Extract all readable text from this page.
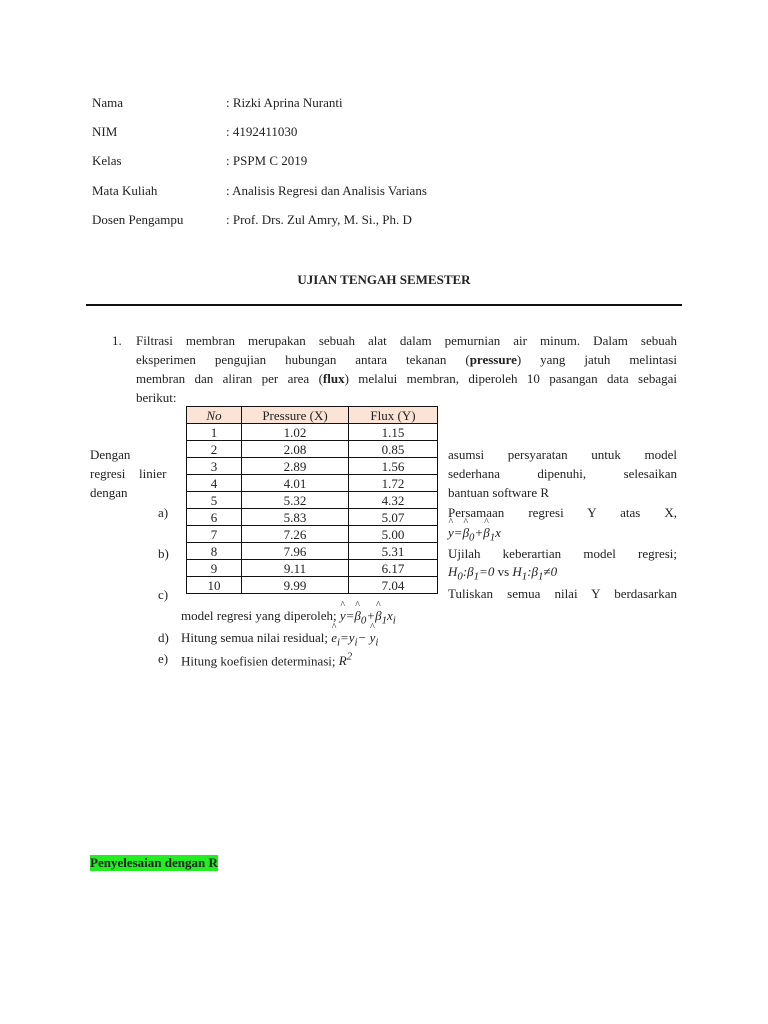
Nama	: Rizki Aprina Nuranti
NIM	: 4192411030
Kelas	: PSPM C 2019
Mata Kuliah	: Analisis Regresi dan Analisis Varians
Dosen Pengampu	: Prof. Drs. Zul Amry, M. Si., Ph. D
UJIAN TENGAH SEMESTER
1. Filtrasi membran merupakan sebuah alat dalam pemurnian air minum. Dalam sebuah
eksperimen pengujian hubungan antara tekanan (pressure) yang jatuh melintasi
membran dan aliran per area (flux) melalui membran, diperoleh 10 pasangan data sebagai
berikut:
No	Pressure (X)	Flux (Y)
1	1.02	1.15
2	2.08	0.85
3	2.89	1.56
4	4.01	1.72
5	5.32	4.32
6	5.83	5.07
7	7.26	5.00
8	7.96	5.31
9	9.11	6.17
10	9.99	7.04
Dengan
regresi linier
dengan
asumsi persyaratan untuk model
sederhana dipenuhi, selesaikan
bantuan software R
a)	Persamaan regresi Y atas X,
^ y=^ $\beta_0+\^{}$ $\beta_1x$
b)	Ujilah keberartian model regresi;
$H_0:\beta_1=0$ vs $H_1:\beta_1\ne 0$
c)	Tuliskan semua nilai Y berdasarkan
model regresi yang diperoleh; ^ y=^ $\beta_0+\^{}$ $\beta_1x_i$
d) Hitung semua nilai residual; ^ $e_i=y_i-$ ^ $y_i$
e) Hitung koefisien determinasi; $R^2$
Penyelesaian dengan R
